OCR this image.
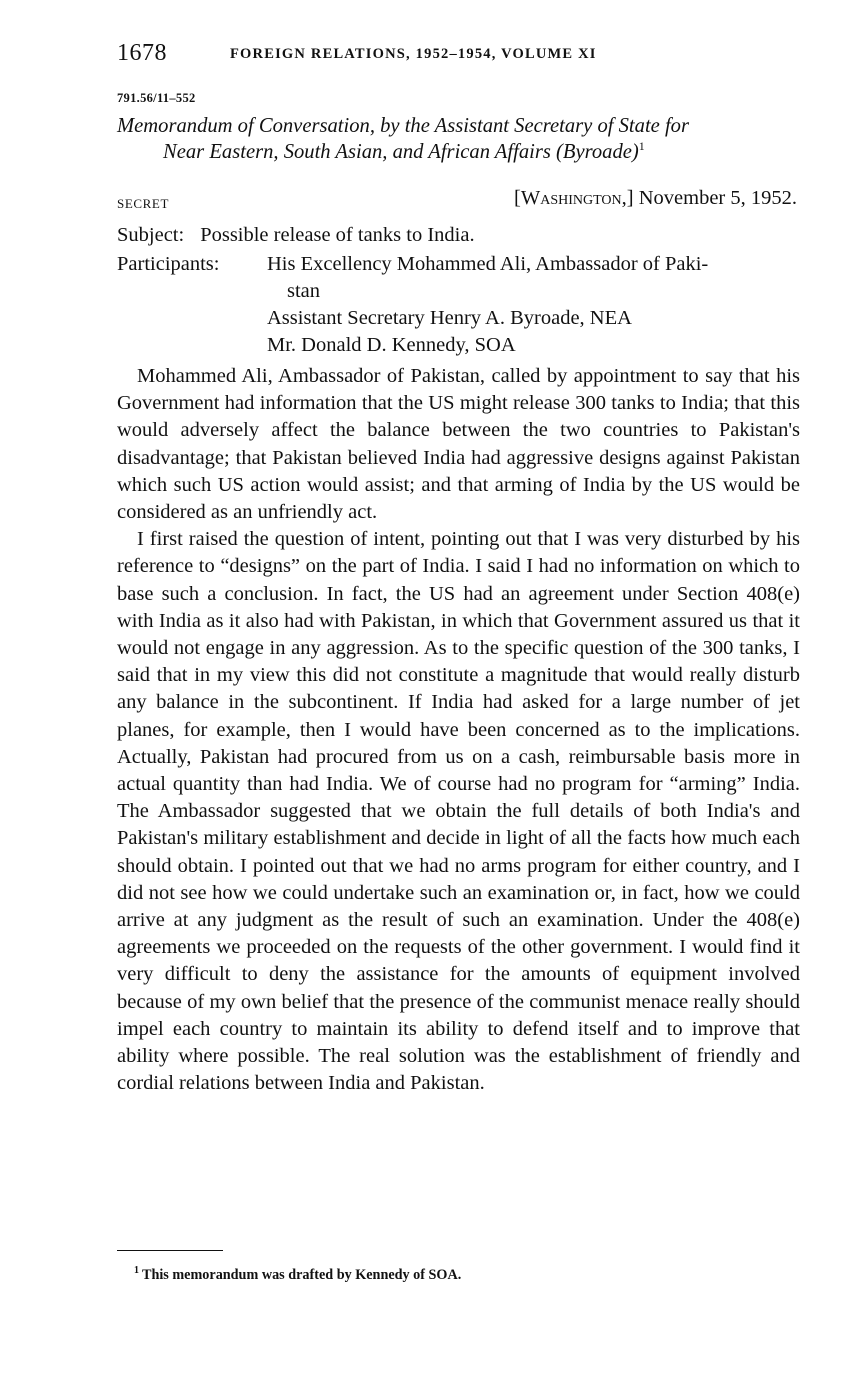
1678	FOREIGN RELATIONS, 1952–1954, VOLUME XI
791.56/11–552
Memorandum of Conversation, by the Assistant Secretary of State for
Near Eastern, South Asian, and African Affairs (Byroade)$^1$
SECRET	[Washington,] November 5, 1952.
Subject: Possible release of tanks to India.
Participants: His Excellency Mohammed Ali, Ambassador of Paki-
stan
Assistant Secretary Henry A. Byroade, NEA
Mr. Donald D. Kennedy, SOA

Mohammed Ali, Ambassador of Pakistan, called by appointment to say that his Government had information that the US might release 300 tanks to India; that this would adversely affect the balance between the two countries to Pakistan's disadvantage; that Pakistan believed India had aggressive designs against Pakistan which such US action would assist; and that arming of India by the US would be considered as an unfriendly act.

I first raised the question of intent, pointing out that I was very disturbed by his reference to “designs” on the part of India. I said I had no information on which to base such a conclusion. In fact, the US had an agreement under Section 408(e) with India as it also had with Pakistan, in which that Government assured us that it would not engage in any aggression. As to the specific question of the 300 tanks, I said that in my view this did not constitute a magnitude that would really disturb any balance in the subcontinent. If India had asked for a large number of jet planes, for example, then I would have been concerned as to the implications. Actually, Pakistan had procured from us on a cash, reimbursable basis more in actual quantity than had India. We of course had no program for “arming” India. The Ambassador suggested that we obtain the full details of both India's and Pakistan's military establishment and decide in light of all the facts how much each should obtain. I pointed out that we had no arms program for either country, and I did not see how we could undertake such an examination or, in fact, how we could arrive at any judgment as the result of such an examination. Under the 408(e) agreements we proceeded on the requests of the other government. I would find it very difficult to deny the assistance for the amounts of equipment involved because of my own belief that the presence of the communist menace really should impel each country to maintain its ability to defend itself and to improve that ability where possible. The real solution was the establishment of friendly and cordial relations between India and Pakistan.

$^1$ This memorandum was drafted by Kennedy of SOA.
